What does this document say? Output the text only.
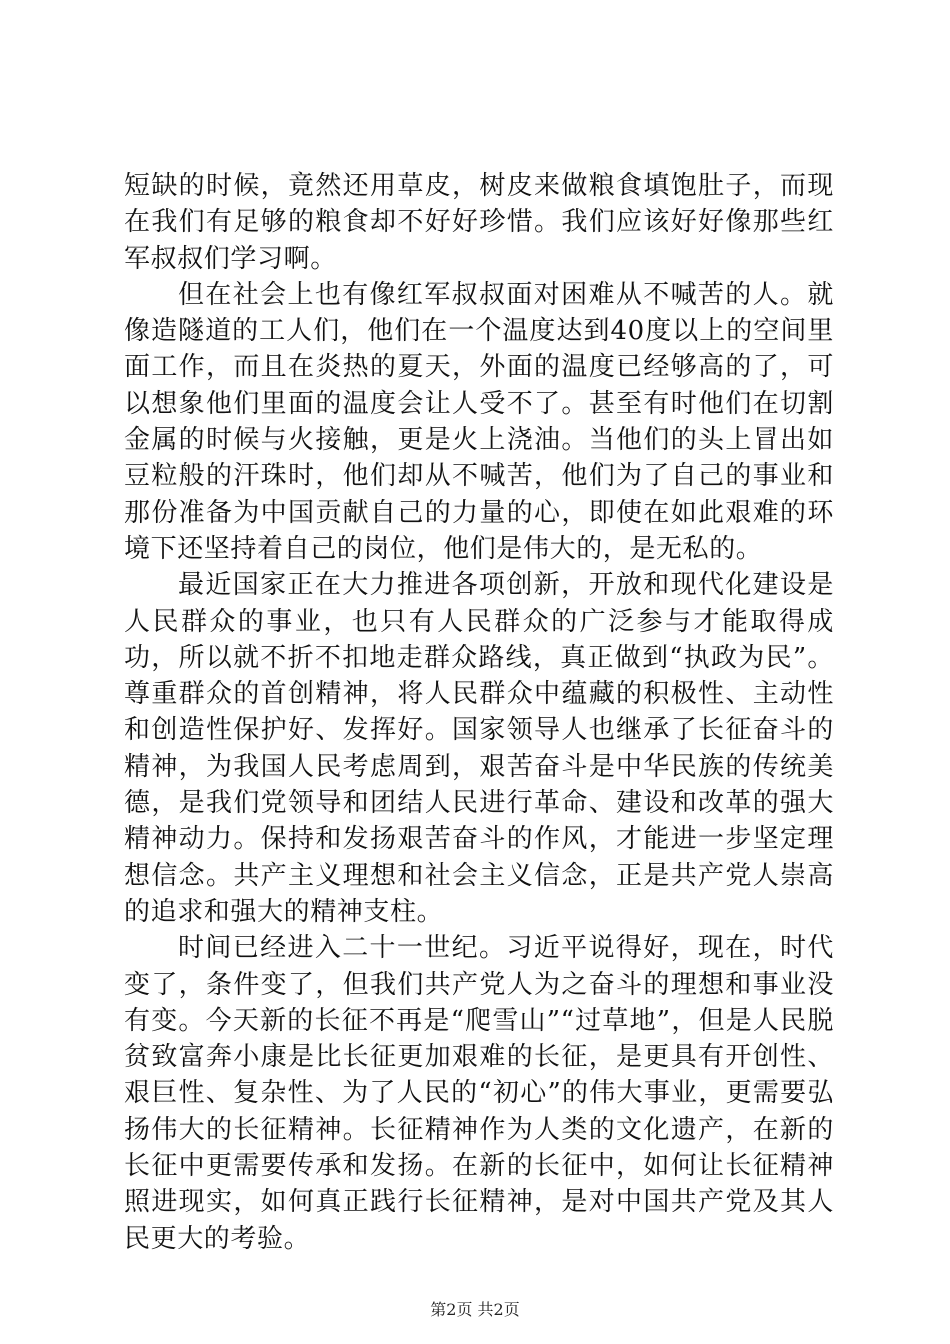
短缺的时候，竟然还用草皮，树皮来做粮食填饱肚子，而现在我们有足够的粮食却不好好珍惜。我们应该好好像那些红军叔叔们学习啊。

但在社会上也有像红军叔叔面对困难从不喊苦的人。就像造隧道的工人们，他们在一个温度达到40度以上的空间里面工作，而且在炎热的夏天，外面的温度已经够高的了，可以想象他们里面的温度会让人受不了。甚至有时他们在切割金属的时候与火接触，更是火上浇油。当他们的头上冒出如豆粒般的汗珠时，他们却从不喊苦，他们为了自己的事业和那份准备为中国贡献自己的力量的心，即使在如此艰难的环境下还坚持着自己的岗位，他们是伟大的，是无私的。

最近国家正在大力推进各项创新，开放和现代化建设是人民群众的事业，也只有人民群众的广泛参与才能取得成功，所以就不折不扣地走群众路线，真正做到“执政为民”。尊重群众的首创精神，将人民群众中蕴藏的积极性、主动性和创造性保护好、发挥好。国家领导人也继承了长征奋斗的精神，为我国人民考虑周到，艰苦奋斗是中华民族的传统美德，是我们党领导和团结人民进行革命、建设和改革的强大精神动力。保持和发扬艰苦奋斗的作风，才能进一步坚定理想信念。共产主义理想和社会主义信念，正是共产党人崇高的追求和强大的精神支柱。

时间已经进入二十一世纪。习近平说得好，现在，时代变了，条件变了，但我们共产党人为之奋斗的理想和事业没有变。今天新的长征不再是“爬雪山”“过草地”，但是人民脱贫致富奔小康是比长征更加艰难的长征，是更具有开创性、艰巨性、复杂性、为了人民的“初心”的伟大事业，更需要弘扬伟大的长征精神。长征精神作为人类的文化遗产，在新的长征中更需要传承和发扬。在新的长征中，如何让长征精神照进现实，如何真正践行长征精神，是对中国共产党及其人民更大的考验。

第2页 共2页
